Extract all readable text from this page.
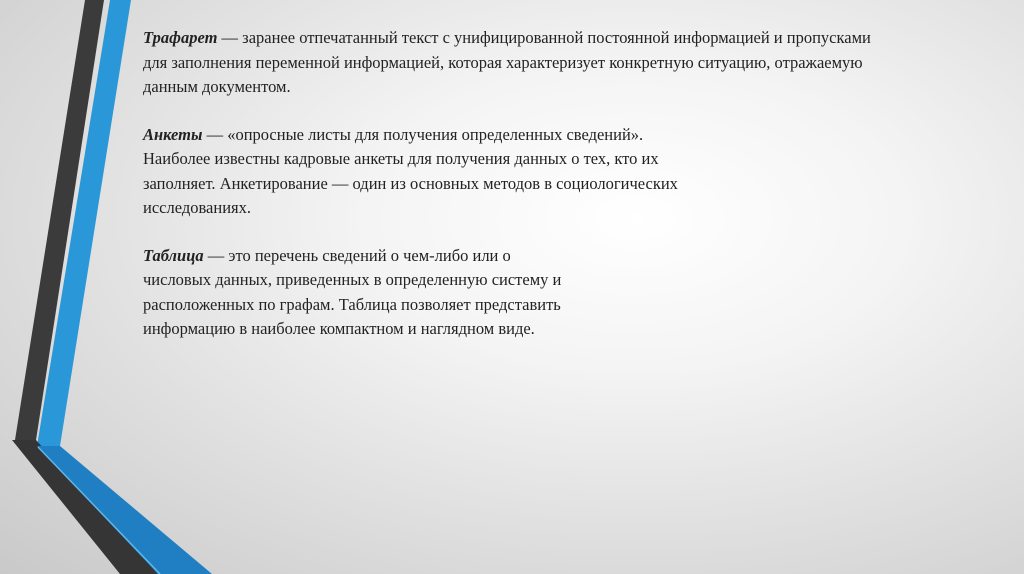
Трафарет — заранее отпечатанный текст с унифицированной постоянной информацией и пропусками
для заполнения переменной информацией, которая характеризует конкретную ситуацию, отражаемую
данным документом.

Анкеты — «опросные листы для получения определенных сведений».
Наиболее известны кадровые анкеты для получения данных о тех, кто их
заполняет. Анкетирование — один из основных методов в социологических
исследованиях.

Таблица — это перечень сведений о чем-либо или о
числовых данных, приведенных в определенную систему и
расположенных по графам. Таблица позволяет представить
информацию в наиболее компактном и наглядном виде.
